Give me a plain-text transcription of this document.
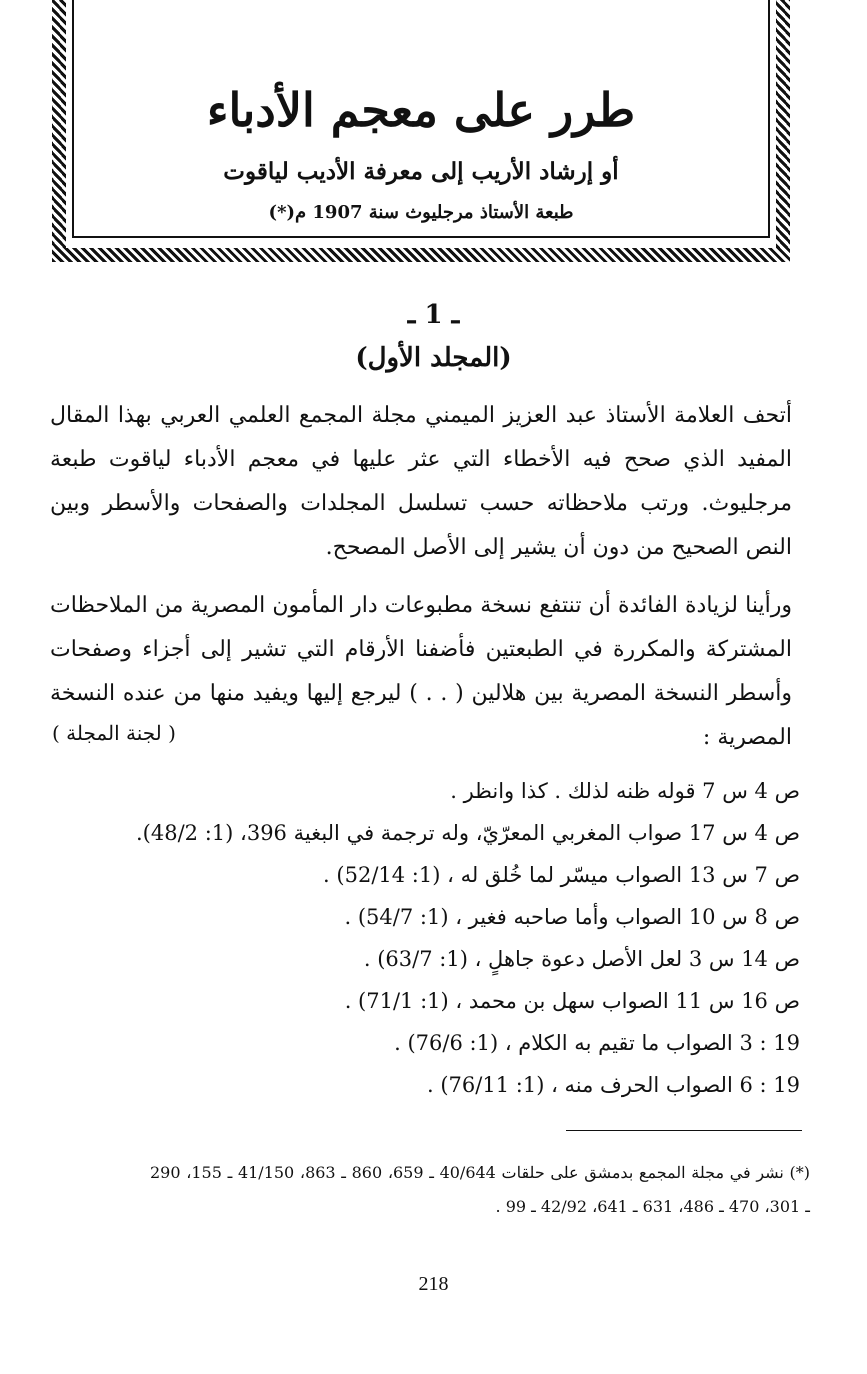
طرر على معجم الأدباء
أو إرشاد الأريب إلى معرفة الأديب لياقوت
طبعة الأستاذ مرجليوث سنة 1907 م(*)
ـ 1 ـ
(المجلد الأول)
أتحف العلامة الأستاذ عبد العزيز الميمني مجلة المجمع العلمي العربي بهذا المقال المفيد الذي صحح فيه الأخطاء التي عثر عليها في معجم الأدباء لياقوت طبعة مرجليوث. ورتب ملاحظاته حسب تسلسل المجلدات والصفحات والأسطر وبين النص الصحيح من دون أن يشير إلى الأصل المصحح.
ورأينا لزيادة الفائدة أن تنتفع نسخة مطبوعات دار المأمون المصرية من الملاحظات المشتركة والمكررة في الطبعتين فأضفنا الأرقام التي تشير إلى أجزاء وصفحات وأسطر النسخة المصرية بين هلالين ( . . ) ليرجع إليها ويفيد منها من عنده النسخة المصرية :
( لجنة المجلة )
ص 4 س 7 قوله ظنه لذلك . كذا وانظر .
ص 4 س 17 صواب المغربي المعرّيّ، وله ترجمة في البغية 396، (1: 48/2).
ص 7 س 13 الصواب ميسّر لما خُلق له ، (1: 52/14) .
ص 8 س 10 الصواب وأما صاحبه فغير ، (1: 54/7) .
ص 14 س 3 لعل الأصل دعوة جاهلٍ ، (1: 63/7) .
ص 16 س 11 الصواب سهل بن محمد ، (1: 71/1) .
19 : 3 الصواب ما تقيم به الكلام ، (1: 76/6) .
19 : 6 الصواب الحرف منه ، (1: 76/11) .
(*) نشر في مجلة المجمع بدمشق على حلقات 40/644 ـ 659، 860 ـ 863، 41/150 ـ 155، 290 ـ 301، 470 ـ 486، 631 ـ 641، 42/92 ـ 99 .
218
